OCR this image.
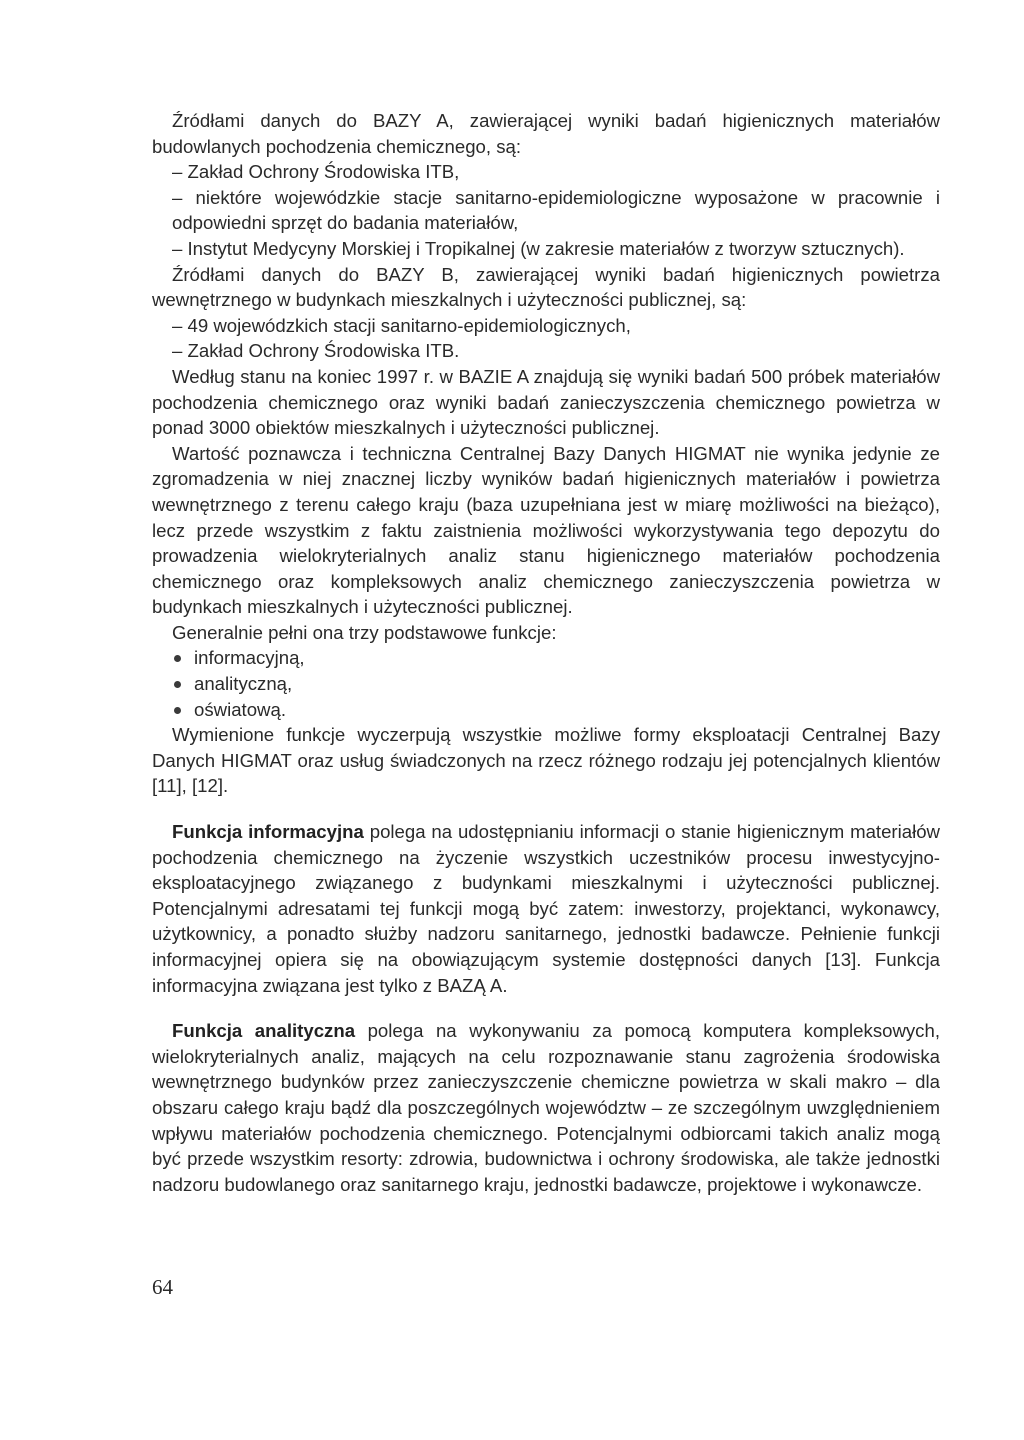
Źródłami danych do BAZY A, zawierającej wyniki badań higienicznych materiałów budowlanych pochodzenia chemicznego, są:

– Zakład Ochrony Środowiska ITB,

– niektóre wojewódzkie stacje sanitarno-epidemiologiczne wyposażone w pracownie i odpowiedni sprzęt do badania materiałów,

– Instytut Medycyny Morskiej i Tropikalnej (w zakresie materiałów z tworzyw sztucznych).

Źródłami danych do BAZY B, zawierającej wyniki badań higienicznych powietrza wewnętrznego w budynkach mieszkalnych i użyteczności publicznej, są:

– 49 wojewódzkich stacji sanitarno-epidemiologicznych,

– Zakład Ochrony Środowiska ITB.

Według stanu na koniec 1997 r. w BAZIE A znajdują się wyniki badań 500 próbek materiałów pochodzenia chemicznego oraz wyniki badań zanieczyszczenia chemicznego powietrza w ponad 3000 obiektów mieszkalnych i użyteczności publicznej.

Wartość poznawcza i techniczna Centralnej Bazy Danych HIGMAT nie wynika jedynie ze zgromadzenia w niej znacznej liczby wyników badań higienicznych materiałów i powietrza wewnętrznego z terenu całego kraju (baza uzupełniana jest w miarę możliwości na bieżąco), lecz przede wszystkim z faktu zaistnienia możliwości wykorzystywania tego depozytu do prowadzenia wielokryterialnych analiz stanu higienicznego materiałów pochodzenia chemicznego oraz kompleksowych analiz chemicznego zanieczyszczenia powietrza w budynkach mieszkalnych i użyteczności publicznej.

Generalnie pełni ona trzy podstawowe funkcje:

informacyjną,
analityczną,
oświatową.

Wymienione funkcje wyczerpują wszystkie możliwe formy eksploatacji Centralnej Bazy Danych HIGMAT oraz usług świadczonych na rzecz różnego rodzaju jej potencjalnych klientów [11], [12].

Funkcja informacyjna polega na udostępnianiu informacji o stanie higienicznym materiałów pochodzenia chemicznego na życzenie wszystkich uczestników procesu inwestycyjno-eksploatacyjnego związanego z budynkami mieszkalnymi i użyteczności publicznej. Potencjalnymi adresatami tej funkcji mogą być zatem: inwestorzy, projektanci, wykonawcy, użytkownicy, a ponadto służby nadzoru sanitarnego, jednostki badawcze. Pełnienie funkcji informacyjnej opiera się na obowiązującym systemie dostępności danych [13]. Funkcja informacyjna związana jest tylko z BAZĄ A.

Funkcja analityczna polega na wykonywaniu za pomocą komputera kompleksowych, wielokryterialnych analiz, mających na celu rozpoznawanie stanu zagrożenia środowiska wewnętrznego budynków przez zanieczyszczenie chemiczne powietrza w skali makro – dla obszaru całego kraju bądź dla poszczególnych województw – ze szczególnym uwzględnieniem wpływu materiałów pochodzenia chemicznego. Potencjalnymi odbiorcami takich analiz mogą być przede wszystkim resorty: zdrowia, budownictwa i ochrony środowiska, ale także jednostki nadzoru budowlanego oraz sanitarnego kraju, jednostki badawcze, projektowe i wykonawcze.

64
